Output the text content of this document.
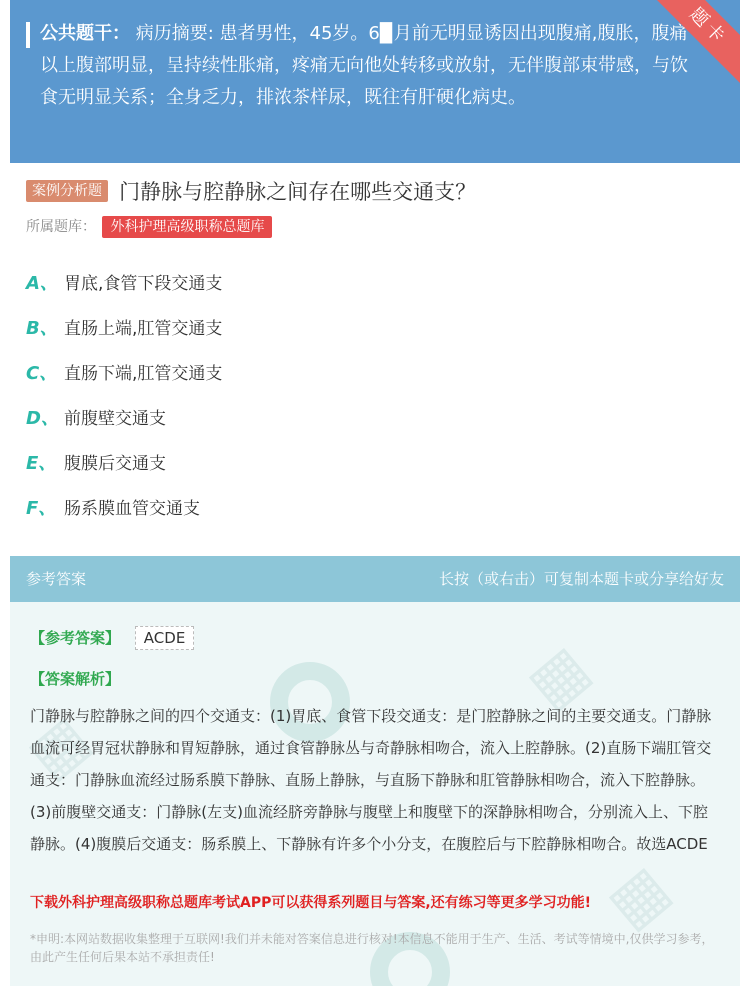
公共题干： 病历摘要: 患者男性，45岁。6▉月前无明显诱因出现腹痛,腹胀，腹痛以上腹部明显，呈持续性胀痛，疼痛无向他处转移或放射，无伴腹部束带感，与饮食无明显关系；全身乏力，排浓茶样尿，既往有肝硬化病史。
题卡
案例分析题 门静脉与腔静脉之间存在哪些交通支？
所属题库： 外科护理高级职称总题库
A、 胃底,食管下段交通支
B、 直肠上端,肛管交通支
C、 直肠下端,肛管交通支
D、 前腹壁交通支
E、 腹膜后交通支
F、 肠系膜血管交通支
参考答案	长按（或右击）可复制本题卡或分享给好友
▦
▦
▦
【参考答案】 ACDE
【答案解析】
门静脉与腔静脉之间的四个交通支：(1)胃底、食管下段交通支：是门腔静脉之间的主要交通支。门静脉血流可经胃冠状静脉和胃短静脉，通过食管静脉丛与奇静脉相吻合，流入上腔静脉。(2)直肠下端肛管交通支：门静脉血流经过肠系膜下静脉、直肠上静脉，与直肠下静脉和肛管静脉相吻合，流入下腔静脉。(3)前腹壁交通支：门静脉(左支)血流经脐旁静脉与腹壁上和腹壁下的深静脉相吻合，分别流入上、下腔静脉。(4)腹膜后交通支：肠系膜上、下静脉有许多个小分支，在腹腔后与下腔静脉相吻合。故选ACDE
下载外科护理高级职称总题库考试APP可以获得系列题目与答案,还有练习等更多学习功能!
*申明:本网站数据收集整理于互联网!我们并未能对答案信息进行核对!本信息不能用于生产、生活、考试等情境中,仅供学习参考，由此产生任何后果本站不承担责任!
